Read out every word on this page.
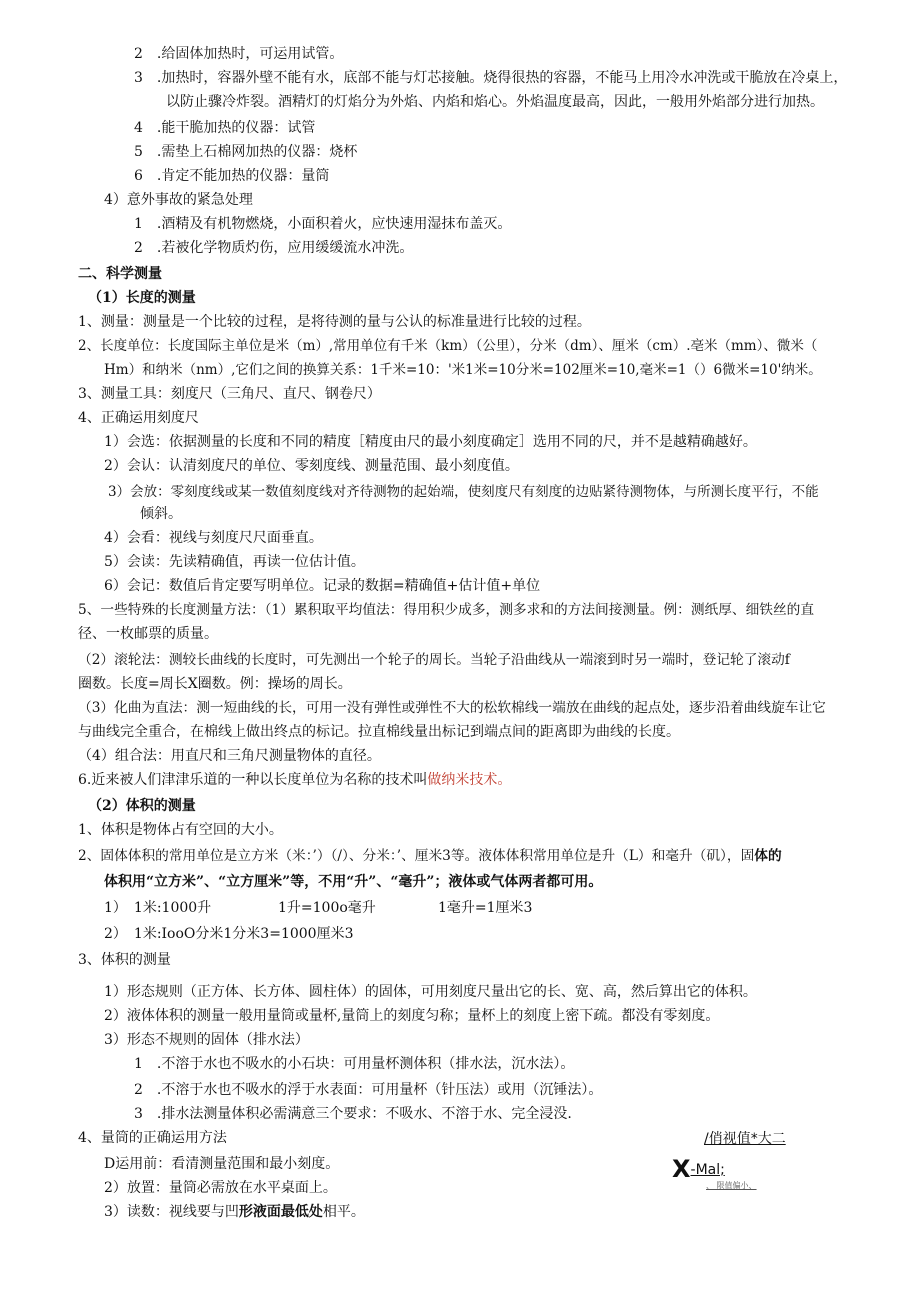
2　.给固体加热时，可运用试管。
3　.加热时，容器外壁不能有水，底部不能与灯芯接触。烧得很热的容器，不能马上用冷水冲洗或干脆放在冷桌上，
以防止骤冷炸裂。酒精灯的灯焰分为外焰、内焰和焰心。外焰温度最高，因此，一般用外焰部分进行加热。
4　.能干脆加热的仪器：试管
5　.需垫上石棉网加热的仪器：烧杯
6　.肯定不能加热的仪器：量筒
4）意外事故的紧急处理
1　.酒精及有机物燃烧，小面积着火，应快速用湿抹布盖灭。
2　.若被化学物质灼伤，应用缓缓流水冲洗。
二、科学测量
（1）长度的测量
1、测量：测量是一个比较的过程，是将待测的量与公认的标准量进行比较的过程。
2、长度单位：长度国际主单位是米（m）,常用单位有千米（km）（公里），分米（dm）、厘米（cm）.亳米（mm）、微米（
Hm）和纳米（nm）,它们之间的换算关系：1千米=10：'米1米=10分米=102厘米=10,毫米=1（）6微米=10'纳米。
3、测量工具：刻度尺（三角尺、直尺、钢卷尺）
4、正确运用刻度尺
1）会选：依据测量的长度和不同的精度［精度由尺的最小刻度确定］选用不同的尺，并不是越精确越好。
2）会认：认清刻度尺的单位、零刻度线、测量范围、最小刻度值。
3）会放：零刻度线或某一数值刻度线对齐待测物的起始端，使刻度尺有刻度的边贴紧待测物体，与所测长度平行，不能
倾斜。
4）会看：视线与刻度尺尺面垂直。
5）会读：先读精确值，再读一位估计值。
6）会记：数值后肯定要写明单位。记录的数据=精确值+估计值+单位
5、一些特殊的长度测量方法：（1）累积取平均值法：得用积少成多，测多求和的方法间接测量。例：测纸厚、细铁丝的直
径、一枚邮票的质量。
（2）滚轮法：测较长曲线的长度时，可先测出一个轮子的周长。当轮子沿曲线从一端滚到时另一端时，登记轮了滚动f
圈数。长度=周长X圈数。例：操场的周长。
（3）化曲为直法：测一短曲线的长，可用一没有弹性或弹性不大的松软棉线一端放在曲线的起点处，逐步沿着曲线旋车让它
与曲线完全重合，在棉线上做出终点的标记。拉直棉线量出标记到端点间的距离即为曲线的长度。
（4）组合法：用直尺和三角尺测量物体的直径。
6.近来被人们津津乐道的一种以长度单位为名称的技术叫做纳米技术。
（2）体积的测量
1、体积是物体占有空回的大小。
2、固体体积的常用单位是立方米（米：’）（/）、分米：’、厘米3等。液体体积常用单位是升（L）和毫升（矶），固体的
体积用“立方米”、“立方厘米”等，不用“升”、“毫升”；液体或气体两者都可用。
1）　1米:1000升	1升=100o毫升	1毫升=1厘米3
2）　1米:IooO分米1分米3=1000厘米3
3、体积的测量
1）形态规则（正方体、长方体、圆柱体）的固体，可用刻度尺量出它的长、宽、高，然后算出它的体积。
2）液体体积的测量一般用量筒或量杯,量筒上的刻度匀称；量杯上的刻度上密下疏。都没有零刻度。
3）形态不规则的固体（排水法）
1　.不溶于水也不吸水的小石块：可用量杯测体积（排水法，沉水法）。
2　.不溶于水也不吸水的浮于水表面：可用量杯（针压法）或用（沉锤法）。
3　.排水法测量体积必需满意三个要求：不吸水、不溶于水、完全浸没.
4、量筒的正确运用方法
D运用前：看清测量范围和最小刻度。
2）放置：量筒必需放在水平桌面上。
3）读数：视线要与凹形液面最低处相平。
/俏视值*大二
X-Mal;
、 限值偏小、
